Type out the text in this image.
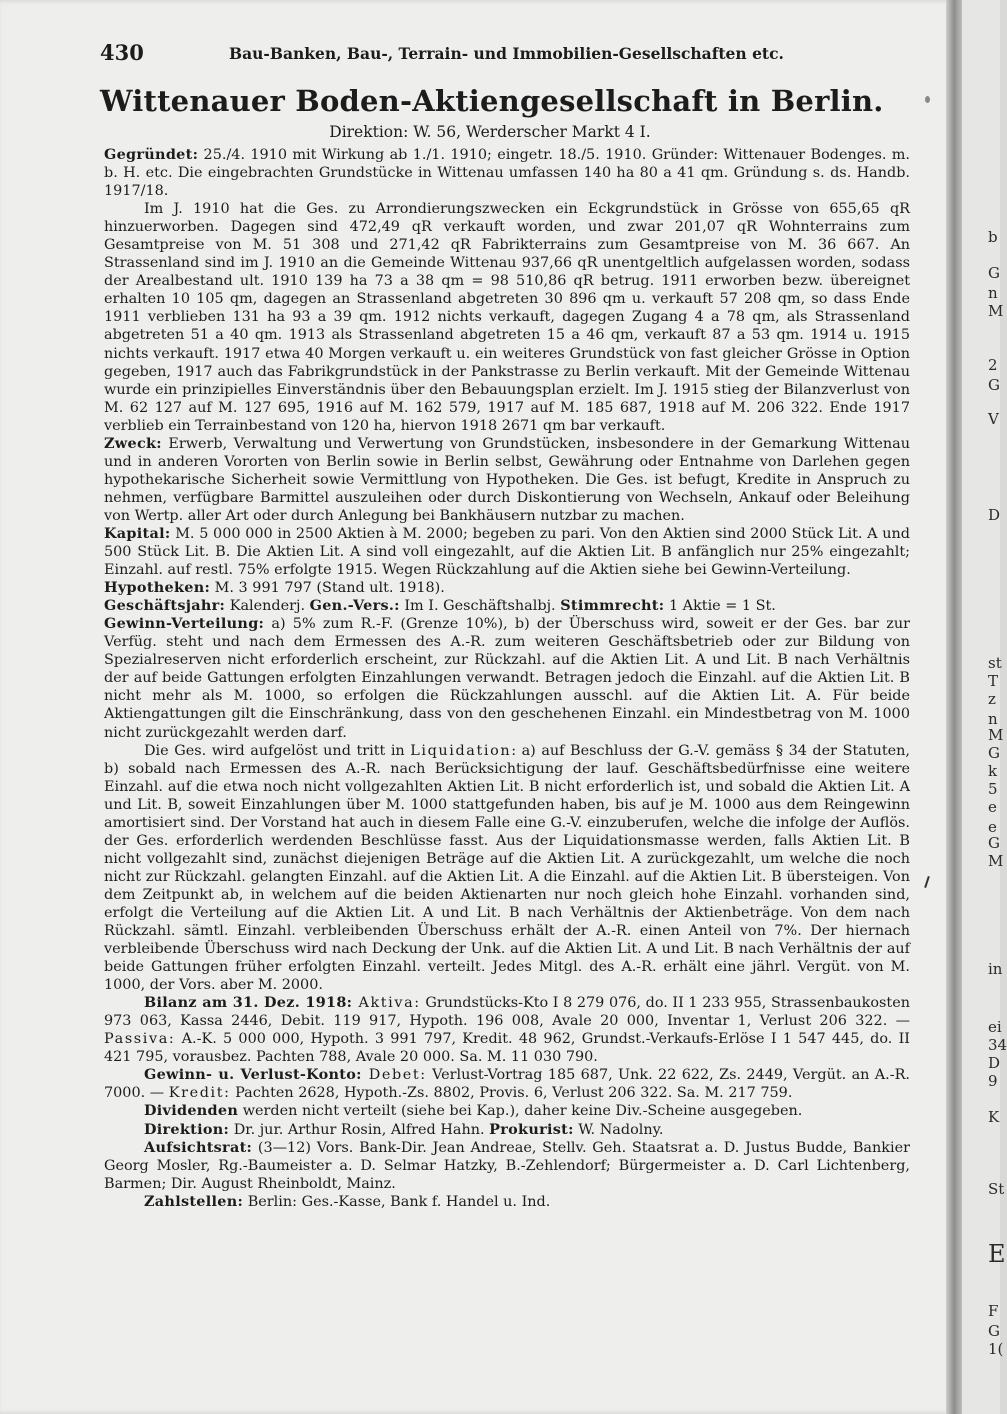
430	Bau-Banken, Bau-, Terrain- und Immobilien-Gesellschaften etc.
Wittenauer Boden-Aktiengesellschaft in Berlin.
Direktion: W. 56, Werderscher Markt 4 I.

Gegründet: 25./4. 1910 mit Wirkung ab 1./1. 1910; eingetr. 18./5. 1910. Gründer: Wittenauer Bodenges. m. b. H. etc. Die eingebrachten Grundstücke in Wittenau umfassen 140 ha 80 a 41 qm. Gründung s. ds. Handb. 1917/18.

Im J. 1910 hat die Ges. zu Arrondierungszwecken ein Eckgrundstück in Grösse von 655,65 qR hinzuerworben. Dagegen sind 472,49 qR verkauft worden, und zwar 201,07 qR Wohnterrains zum Gesamtpreise von M. 51 308 und 271,42 qR Fabrikterrains zum Gesamtpreise von M. 36 667. An Strassenland sind im J. 1910 an die Gemeinde Wittenau 937,66 qR unentgeltlich aufgelassen worden, sodass der Arealbestand ult. 1910 139 ha 73 a 38 qm = 98 510,86 qR betrug. 1911 erworben bezw. übereignet erhalten 10 105 qm, dagegen an Strassenland abgetreten 30 896 qm u. verkauft 57 208 qm, so dass Ende 1911 verblieben 131 ha 93 a 39 qm. 1912 nichts verkauft, dagegen Zugang 4 a 78 qm, als Strassenland abgetreten 51 a 40 qm. 1913 als Strassenland abgetreten 15 a 46 qm, verkauft 87 a 53 qm. 1914 u. 1915 nichts verkauft. 1917 etwa 40 Morgen verkauft u. ein weiteres Grundstück von fast gleicher Grösse in Option gegeben, 1917 auch das Fabrikgrundstück in der Pankstrasse zu Berlin verkauft. Mit der Gemeinde Wittenau wurde ein prinzipielles Einverständnis über den Bebauungsplan erzielt. Im J. 1915 stieg der Bilanzverlust von M. 62 127 auf M. 127 695, 1916 auf M. 162 579, 1917 auf M. 185 687, 1918 auf M. 206 322. Ende 1917 verblieb ein Terrainbestand von 120 ha, hiervon 1918 2671 qm bar verkauft.

Zweck: Erwerb, Verwaltung und Verwertung von Grundstücken, insbesondere in der Gemarkung Wittenau und in anderen Vororten von Berlin sowie in Berlin selbst, Gewährung oder Entnahme von Darlehen gegen hypothekarische Sicherheit sowie Vermittlung von Hypotheken. Die Ges. ist befugt, Kredite in Anspruch zu nehmen, verfügbare Barmittel auszuleihen oder durch Diskontierung von Wechseln, Ankauf oder Beleihung von Wertp. aller Art oder durch Anlegung bei Bankhäusern nutzbar zu machen.

Kapital: M. 5 000 000 in 2500 Aktien à M. 2000; begeben zu pari. Von den Aktien sind 2000 Stück Lit. A und 500 Stück Lit. B. Die Aktien Lit. A sind voll eingezahlt, auf die Aktien Lit. B anfänglich nur 25% eingezahlt; Einzahl. auf restl. 75% erfolgte 1915. Wegen Rückzahlung auf die Aktien siehe bei Gewinn-Verteilung.

Hypotheken: M. 3 991 797 (Stand ult. 1918).

Geschäftsjahr: Kalenderj. Gen.-Vers.: Im I. Geschäftshalbj. Stimmrecht: 1 Aktie = 1 St.

Gewinn-Verteilung: a) 5% zum R.-F. (Grenze 10%), b) der Überschuss wird, soweit er der Ges. bar zur Verfüg. steht und nach dem Ermessen des A.-R. zum weiteren Geschäftsbetrieb oder zur Bildung von Spezialreserven nicht erforderlich erscheint, zur Rückzahl. auf die Aktien Lit. A und Lit. B nach Verhältnis der auf beide Gattungen erfolgten Einzahlungen verwandt. Betragen jedoch die Einzahl. auf die Aktien Lit. B nicht mehr als M. 1000, so erfolgen die Rückzahlungen ausschl. auf die Aktien Lit. A. Für beide Aktiengattungen gilt die Einschränkung, dass von den geschehenen Einzahl. ein Mindestbetrag von M. 1000 nicht zurückgezahlt werden darf.

Die Ges. wird aufgelöst und tritt in Liquidation: a) auf Beschluss der G.-V. gemäss § 34 der Statuten, b) sobald nach Ermessen des A.-R. nach Berücksichtigung der lauf. Geschäftsbedürfnisse eine weitere Einzahl. auf die etwa noch nicht vollgezahlten Aktien Lit. B nicht erforderlich ist, und sobald die Aktien Lit. A und Lit. B, soweit Einzahlungen über M. 1000 stattgefunden haben, bis auf je M. 1000 aus dem Reingewinn amortisiert sind. Der Vorstand hat auch in diesem Falle eine G.-V. einzuberufen, welche die infolge der Auflös. der Ges. erforderlich werdenden Beschlüsse fasst. Aus der Liquidationsmasse werden, falls Aktien Lit. B nicht vollgezahlt sind, zunächst diejenigen Beträge auf die Aktien Lit. A zurückgezahlt, um welche die noch nicht zur Rückzahl. gelangten Einzahl. auf die Aktien Lit. A die Einzahl. auf die Aktien Lit. B übersteigen. Von dem Zeitpunkt ab, in welchem auf die beiden Aktienarten nur noch gleich hohe Einzahl. vorhanden sind, erfolgt die Verteilung auf die Aktien Lit. A und Lit. B nach Verhältnis der Aktienbeträge. Von dem nach Rückzahl. sämtl. Einzahl. verbleibenden Überschuss erhält der A.-R. einen Anteil von 7%. Der hiernach verbleibende Überschuss wird nach Deckung der Unk. auf die Aktien Lit. A und Lit. B nach Verhältnis der auf beide Gattungen früher erfolgten Einzahl. verteilt. Jedes Mitgl. des A.-R. erhält eine jährl. Vergüt. von M. 1000, der Vors. aber M. 2000.

Bilanz am 31. Dez. 1918: Aktiva: Grundstücks-Kto I 8 279 076, do. II 1 233 955, Strassenbaukosten 973 063, Kassa 2446, Debit. 119 917, Hypoth. 196 008, Avale 20 000, Inventar 1, Verlust 206 322. — Passiva: A.-K. 5 000 000, Hypoth. 3 991 797, Kredit. 48 962, Grundst.-Verkaufs-Erlöse I 1 547 445, do. II 421 795, vorausbez. Pachten 788, Avale 20 000. Sa. M. 11 030 790.

Gewinn- u. Verlust-Konto: Debet: Verlust-Vortrag 185 687, Unk. 22 622, Zs. 2449, Vergüt. an A.-R. 7000. — Kredit: Pachten 2628, Hypoth.-Zs. 8802, Provis. 6, Verlust 206 322. Sa. M. 217 759.

Dividenden werden nicht verteilt (siehe bei Kap.), daher keine Div.-Scheine ausgegeben.

Direktion: Dr. jur. Arthur Rosin, Alfred Hahn. Prokurist: W. Nadolny.

Aufsichtsrat: (3—12) Vors. Bank-Dir. Jean Andreae, Stellv. Geh. Staatsrat a. D. Justus Budde, Bankier Georg Mosler, Rg.-Baumeister a. D. Selmar Hatzky, B.-Zehlendorf; Bürgermeister a. D. Carl Lichtenberg, Barmen; Dir. August Rheinboldt, Mainz.

Zahlstellen: Berlin: Ges.-Kasse, Bank f. Handel u. Ind.

b
G
n
M
2
G
V
D
st
T
z
n
M
G
k
5
e
e
G
M
in
ei
34
D
9
K
St
E
F
G
1(
